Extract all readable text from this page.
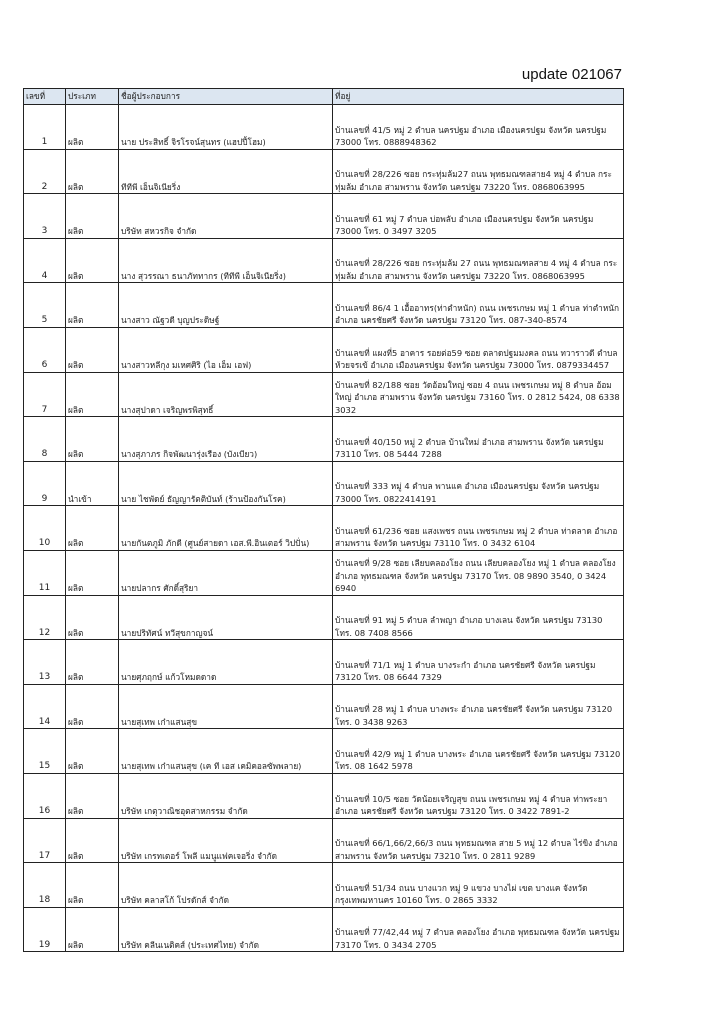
update 021067
เลขที่	ประเภท	ชื่อผู้ประกอบการ	ที่อยู่
1	ผลิต	นาย ประสิทธิ์ จิรโรจน์สุนทร (แฮปปี้โฮม)	บ้านเลขที่ 41/5 หมู่ 2 ตำบล นครปฐม อำเภอ เมืองนครปฐม จังหวัด นครปฐม 73000 โทร. 0888948362
2	ผลิต	ทีทีพี เอ็นจิเนียริ่ง	บ้านเลขที่ 28/226 ซอย กระทุ่มล้ม27 ถนน พุทธมณฑลสาย4 หมู่ 4 ตำบล กระทุ่มล้ม อำเภอ สามพราน จังหวัด นครปฐม 73220 โทร. 0868063995
3	ผลิต	บริษัท สหวรกิจ จำกัด	บ้านเลขที่ 61 หมู่ 7 ตำบล บ่อพลับ อำเภอ เมืองนครปฐม จังหวัด นครปฐม 73000 โทร. 0 3497 3205
4	ผลิต	นาง สุวรรณา ธนาภัททากร (ทีทีพี เอ็นจิเนียริ่ง)	บ้านเลขที่ 28/226 ซอย กระทุ่มล้ม 27 ถนน พุทธมณฑลสาย 4 หมู่ 4 ตำบล กระทุ่มล้ม อำเภอ สามพราน จังหวัด นครปฐม 73220 โทร. 0868063995
5	ผลิต	นางสาว ณัฐวดี บุญประดิษฐ์	บ้านเลขที่ 86/4 1 เอื้ออาทร(ท่าตำหนัก) ถนน เพชรเกษม หมู่ 1 ตำบล ท่าตำหนัก อำเภอ นครชัยศรี จังหวัด นครปฐม 73120 โทร. 087-340-8574
6	ผลิต	นางสาวหลีกุง มเหศศิริ (ไอ เอ็ม เอฟ)	บ้านเลขที่ แผงที่5 อาคาร รอยต่อ59 ซอย ตลาดปฐมมงคล ถนน ทวาราวดี ตำบล ห้วยจรเข้ อำเภอ เมืองนครปฐม จังหวัด นครปฐม 73000 โทร. 0879334457
7	ผลิต	นางสุปาดา เจริญพรพิสุทธิ์	บ้านเลขที่ 82/188 ซอย วัดอ้อมใหญ่ ซอย 4 ถนน เพชรเกษม หมู่ 8 ตำบล อ้อมใหญ่ อำเภอ สามพราน จังหวัด นครปฐม 73160 โทร. 0 2812 5424, 08 6338 3032
8	ผลิต	นางสุภาภร กิจพัฒนารุ่งเรือง (บังเบียว)	บ้านเลขที่ 40/150 หมู่ 2 ตำบล บ้านใหม่ อำเภอ สามพราน จังหวัด นครปฐม 73110 โทร. 08 5444 7288
9	นำเข้า	นาย ไชพัดย์ ธัญญารัตติบันท์ (ร้านป้องกันโรค)	บ้านเลขที่ 333 หมู่ 4 ตำบล พานแค อำเภอ เมืองนครปฐม จังหวัด นครปฐม 73000 โทร. 0822414191
10	ผลิต	นายกันตภูมิ ภักดี (ศูนย์สายดา เอส.พี.อินเตอร์ วิปปั่น)	บ้านเลขที่ 61/236 ซอย แสงเพชร ถนน เพชรเกษม หมู่ 2 ตำบล ท่าตลาด อำเภอ สามพราน จังหวัด นครปฐม 73110 โทร. 0 3432 6104
11	ผลิต	นายปลากร ศักดิ์สุริยา	บ้านเลขที่ 9/28 ซอย เลียบคลองโยง ถนน เลียบคลองโยง หมู่ 1 ตำบล คลองโยง อำเภอ พุทธมณฑล จังหวัด นครปฐม 73170 โทร. 08 9890 3540, 0 3424 6940
12	ผลิต	นายปริทัศน์ ทวีสุขกาญจน์	บ้านเลขที่ 91 หมู่ 5 ตำบล ลำพญา อำเภอ บางเลน จังหวัด นครปฐม 73130 โทร. 08 7408 8566
13	ผลิต	นายศุภฤกษ์ แก้วโหมดดาด	บ้านเลขที่ 71/1 หมู่ 1 ตำบล บางระกำ อำเภอ นครชัยศรี จังหวัด นครปฐม 73120 โทร. 08 6644 7329
14	ผลิต	นายสุเทพ เก๋าแสนสุข	บ้านเลขที่ 28 หมู่ 1 ตำบล บางพระ อำเภอ นครชัยศรี จังหวัด นครปฐม 73120 โทร. 0 3438 9263
15	ผลิต	นายสุเทพ เก๋าแสนสุข (เค ที เอส เคมิคอลซัพพลาย)	บ้านเลขที่ 42/9 หมู่ 1 ตำบล บางพระ อำเภอ นครชัยศรี จังหวัด นครปฐม 73120 โทร. 08 1642 5978
16	ผลิต	บริษัท เกตุวาณิชอุตสาหกรรม จำกัด	บ้านเลขที่ 10/5 ซอย วัดน้อยเจริญสุข ถนน เพชรเกษม หมู่ 4 ตำบล ท่าพระยา อำเภอ นครชัยศรี จังหวัด นครปฐม 73120 โทร. 0 3422 7891-2
17	ผลิต	บริษัท เกรทเตอร์ โพลี แมนูแฟคเจอริ่ง จำกัด	บ้านเลขที่ 66/1,66/2,66/3 ถนน พุทธมณฑล สาย 5 หมู่ 12 ตำบล ไร่ขิง อำเภอ สามพราน จังหวัด นครปฐม 73210 โทร. 0 2811 9289
18	ผลิต	บริษัท คลาสโก้ โปรดักส์ จำกัด	บ้านเลขที่ 51/34 ถนน บางแวก หมู่ 9 แขวง บางไผ่ เขต บางแค จังหวัด กรุงเทพมหานคร 10160 โทร. 0 2865 3332
19	ผลิต	บริษัท คลีนเนติคส์ (ประเทศไทย) จำกัด	บ้านเลขที่ 77/42,44 หมู่ 7 ตำบล คลองโยง อำเภอ พุทธมณฑล จังหวัด นครปฐม 73170 โทร. 0 3434 2705
